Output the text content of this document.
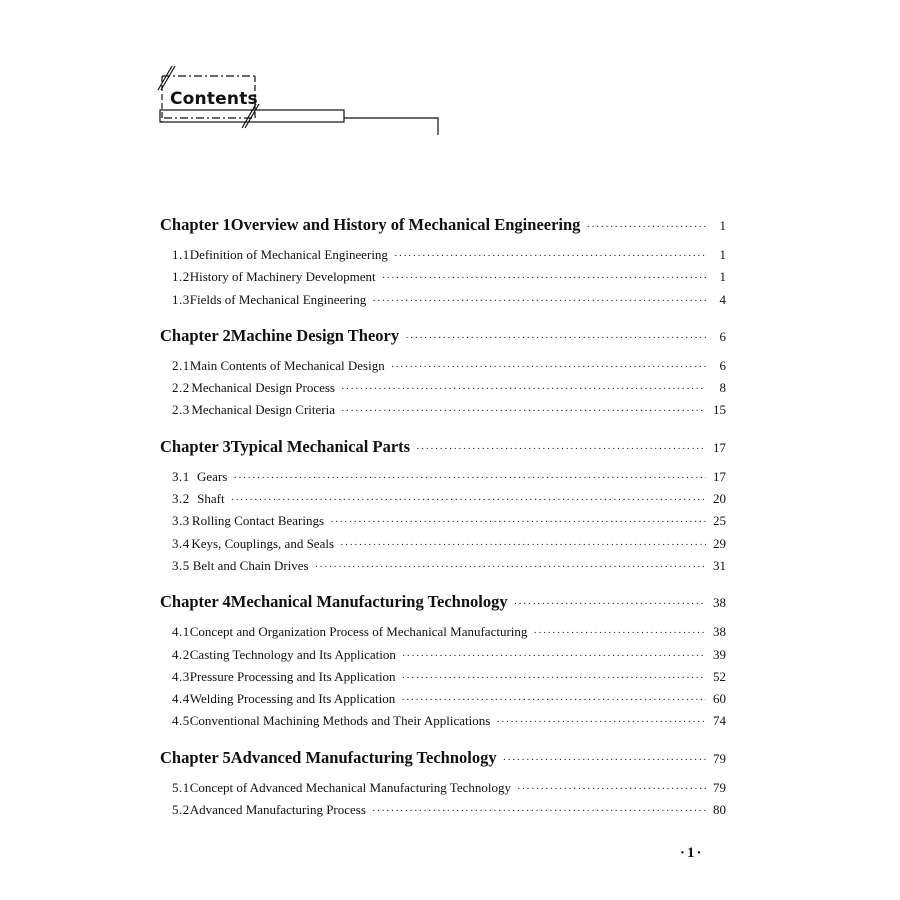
Contents
Chapter 1 Overview and History of Mechanical Engineering ·····	1
1.1 Definition of Mechanical Engineering ·····	1
1.2 History of Machinery Development ·····	1
1.3 Fields of Mechanical Engineering ·····	4
Chapter 2 Machine Design Theory ·····	6
2.1 Main Contents of Mechanical Design ·····	6
2.2 Mechanical Design Process ·····	8
2.3 Mechanical Design Criteria ·····	15
Chapter 3 Typical Mechanical Parts ·····	17
3.1 Gears ·····	17
3.2 Shaft ·····	20
3.3 Rolling Contact Bearings ·····	25
3.4 Keys, Couplings, and Seals ·····	29
3.5 Belt and Chain Drives ·····	31
Chapter 4 Mechanical Manufacturing Technology ·····	38
4.1 Concept and Organization Process of Mechanical Manufacturing ·····	38
4.2 Casting Technology and Its Application ·····	39
4.3 Pressure Processing and Its Application ·····	52
4.4 Welding Processing and Its Application ·····	60
4.5 Conventional Machining Methods and Their Applications ·····	74
Chapter 5 Advanced Manufacturing Technology ·····	79
5.1 Concept of Advanced Mechanical Manufacturing Technology ·····	79
5.2 Advanced Manufacturing Process ·····	80
·1·
